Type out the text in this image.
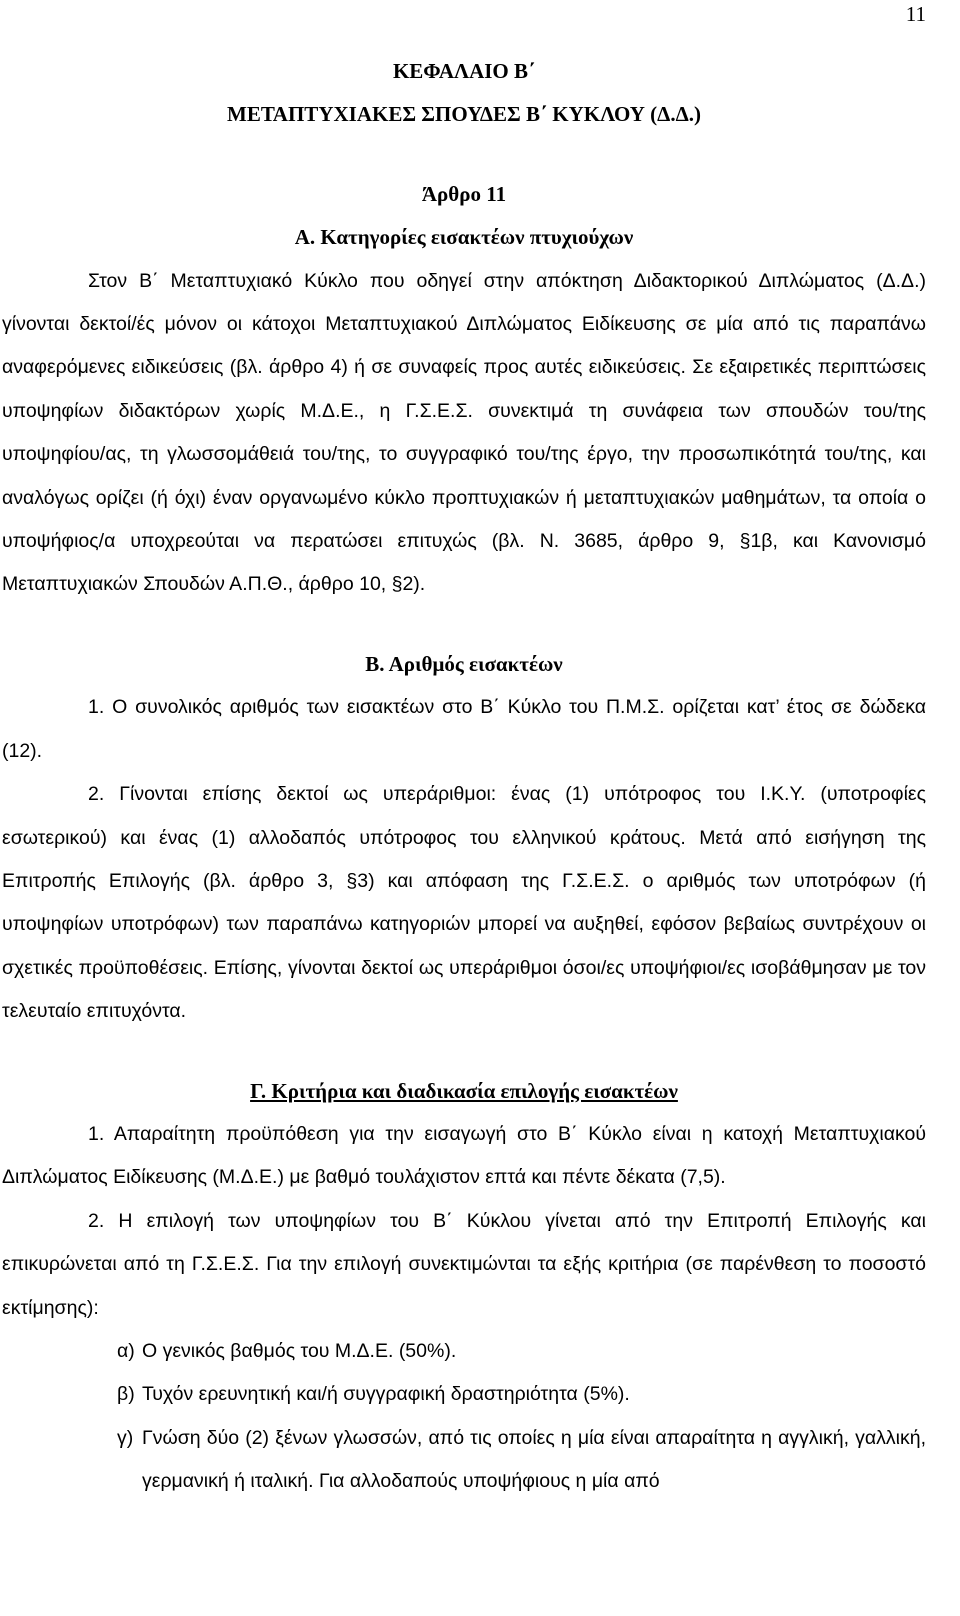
11
ΚΕΦΑΛΑΙΟ Β΄
ΜΕΤΑΠΤΥΧΙΑΚΕΣ ΣΠΟΥΔΕΣ Β΄ ΚΥΚΛΟΥ (Δ.Δ.)
Άρθρο 11
Α. Κατηγορίες εισακτέων πτυχιούχων

Στον Β΄ Μεταπτυχιακό Κύκλο που οδηγεί στην απόκτηση Διδακτορικού Διπλώματος (Δ.Δ.) γίνονται δεκτοί/ές μόνον οι κάτοχοι Μεταπτυχιακού Διπλώματος Ειδίκευσης σε μία από τις παραπάνω αναφερόμενες ειδικεύσεις (βλ. άρθρο 4) ή σε συναφείς προς αυτές ειδικεύσεις. Σε εξαιρετικές περιπτώσεις υποψηφίων διδακτόρων χωρίς Μ.Δ.Ε., η Γ.Σ.Ε.Σ. συνεκτιμά τη συνάφεια των σπουδών του/της υποψηφίου/ας, τη γλωσσομάθειά του/της, το συγγραφικό του/της έργο, την προσωπικότητά του/της, και αναλόγως ορίζει (ή όχι) έναν οργανωμένο κύκλο προπτυχιακών ή μεταπτυχιακών μαθημάτων, τα οποία ο υποψήφιος/α υποχρεούται να περατώσει επιτυχώς (βλ. Ν. 3685, άρθρο 9, §1β, και Κανονισμό Μεταπτυχιακών Σπουδών Α.Π.Θ., άρθρο 10, §2).

Β. Αριθμός εισακτέων

1. Ο συνολικός αριθμός των εισακτέων στο Β΄ Κύκλο του Π.Μ.Σ. ορίζεται κατ’ έτος σε δώδεκα (12).

2. Γίνονται επίσης δεκτοί ως υπεράριθμοι: ένας (1) υπότροφος του Ι.Κ.Υ. (υποτροφίες εσωτερικού) και ένας (1) αλλοδαπός υπότροφος του ελληνικού κράτους. Μετά από εισήγηση της Επιτροπής Επιλογής (βλ. άρθρο 3, §3) και απόφαση της Γ.Σ.Ε.Σ. ο αριθμός των υποτρόφων (ή υποψηφίων υποτρόφων) των παραπάνω κατηγοριών μπορεί να αυξηθεί, εφόσον βεβαίως συντρέχουν οι σχετικές προϋποθέσεις. Επίσης, γίνονται δεκτοί ως υπεράριθμοι όσοι/ες υποψήφιοι/ες ισοβάθμησαν με τον τελευταίο επιτυχόντα.

Γ. Κριτήρια και διαδικασία επιλογής εισακτέων

1. Απαραίτητη προϋπόθεση για την εισαγωγή στο Β΄ Κύκλο είναι η κατοχή Μεταπτυχιακού Διπλώματος Ειδίκευσης (Μ.Δ.Ε.) με βαθμό τουλάχιστον επτά και πέντε δέκατα (7,5).

2. Η επιλογή των υποψηφίων του Β΄ Κύκλου γίνεται από την Επιτροπή Επιλογής και επικυρώνεται από τη Γ.Σ.Ε.Σ. Για την επιλογή συνεκτιμώνται τα εξής κριτήρια (σε παρένθεση το ποσοστό εκτίμησης):

α) Ο γενικός βαθμός του Μ.Δ.Ε. (50%).
β) Τυχόν ερευνητική και/ή συγγραφική δραστηριότητα (5%).
γ) Γνώση δύο (2) ξένων γλωσσών, από τις οποίες η μία είναι απαραίτητα η αγγλική, γαλλική, γερμανική ή ιταλική. Για αλλοδαπούς υποψήφιους η μία από
